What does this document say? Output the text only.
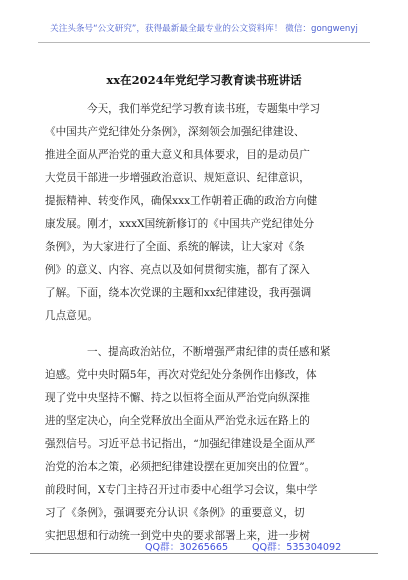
关注头条号“公文研究”，获得最新最全最专业的公文资料库！ 微信：gongwenyj
xx在2024年党纪学习教育读书班讲话
今天，我们举党纪学习教育读书班，专题集中学习
《中国共产党纪律处分条例》，深刻领会加强纪律建设、
推进全面从严治党的重大意义和具体要求，目的是动员广
大党员干部进一步增强政治意识、规矩意识、纪律意识，
提振精神、转变作风，确保xxx工作朝着正确的政治方向健
康发展。刚才，xxxX国统新修订的《中国共产党纪律处分
条例》，为大家进行了全面、系统的解读，让大家对《条
例》的意义、内容、亮点以及如何贯彻实施，都有了深入
了解。下面，绕本次党课的主题和xx纪律建设，我再强调
几点意见。
一、提高政治站位，不断增强严肃纪律的责任感和紧
迫感。党中央时隔5年，再次对党纪处分条例作出修改，体
现了党中央坚持不懈、持之以恒将全面从严治党向纵深推
进的坚定决心，向全党释放出全面从严治党永远在路上的
强烈信号。习近平总书记指出，“加强纪律建设是全面从严
治党的治本之策，必须把纪律建设摆在更加突出的位置”。
前段时间，X专门主持召开过市委中心组学习会议，集中学
习了《条例》，强调要充分认识《条例》的重要意义，切
实把思想和行动统一到党中央的要求部署上来，进一步树
QQ群：30265665 QQ群：535304092
